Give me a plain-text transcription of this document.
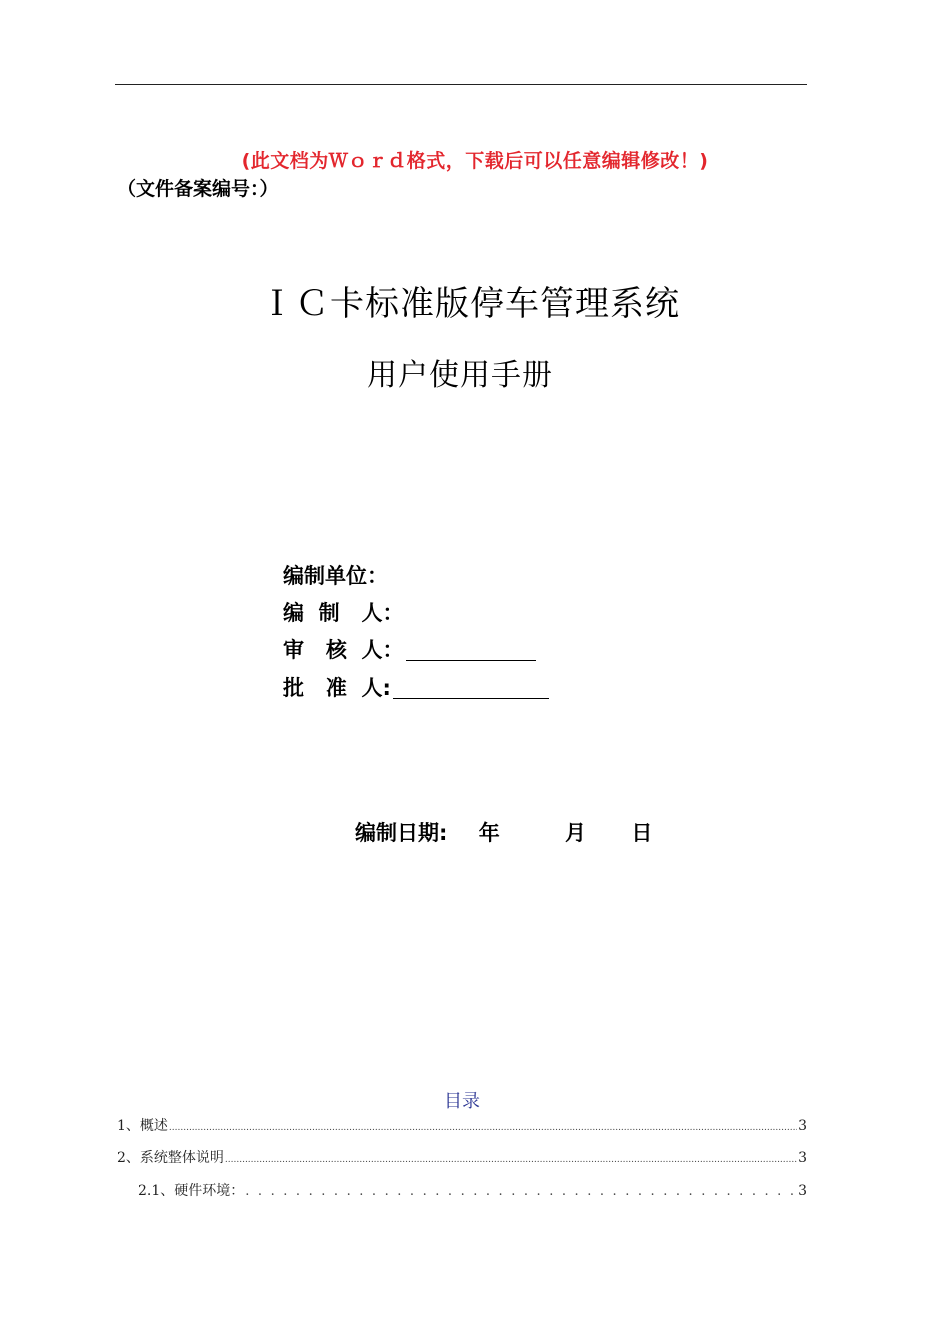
(此文档为Ｗｏｒｄ格式，下载后可以任意编辑修改！)
（文件备案编号：）
ＩＣ卡标准版停车管理系统
用户使用手册
编制单位：
编  制   人：
审   核  人：
批   准  人:
编制日期: 年	月 日
目录
1、概述 .....	3
2、系统整体说明 .....	3
2.1、硬件环境： . . .	3
